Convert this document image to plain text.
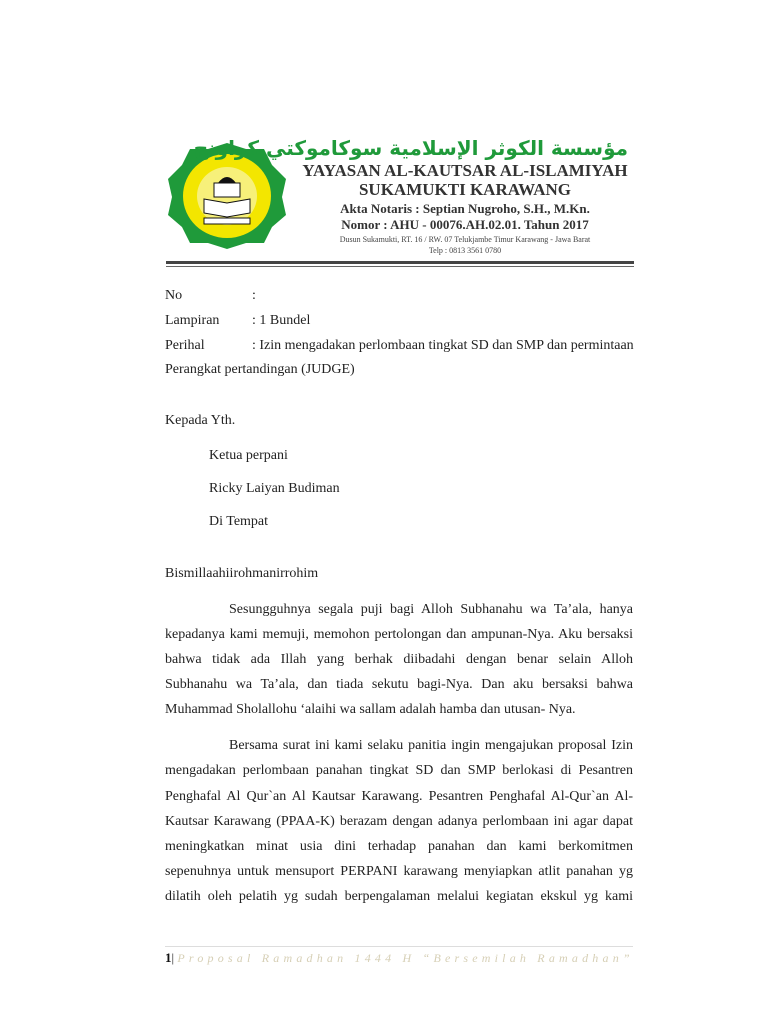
مؤسسة الكوثر الإسلامية سوكاموكتي كراونج
YAYASAN AL-KAUTSAR AL-ISLAMIYAH
SUKAMUKTI KARAWANG
Akta Notaris : Septian Nugroho, S.H., M.Kn.
Nomor : AHU - 00076.AH.02.01. Tahun 2017
Dusun Sukamukti, RT. 16 / RW. 07 Telukjambe Timur Karawang - Jawa Barat
Telp : 0813 3561 0780
No	:
Lampiran : 1 Bundel
Perihal	: Izin mengadakan perlombaan tingkat SD dan SMP dan permintaan
Perangkat pertandingan (JUDGE)
Kepada Yth.
Ketua perpani
Ricky Laiyan Budiman
Di Tempat
Bismillaahiirohmanirrohim
Sesungguhnya segala puji bagi Alloh Subhanahu wa Ta’ala, hanya
kepadanya kami memuji, memohon pertolongan dan ampunan-Nya. Aku bersaksi
bahwa tidak ada Illah yang berhak diibadahi dengan benar selain Alloh
Subhanahu wa Ta’ala, dan tiada sekutu bagi-Nya. Dan aku bersaksi bahwa
Muhammad Sholallohu ‘alaihi wa sallam adalah hamba dan utusan- Nya.
Bersama surat ini kami selaku panitia ingin mengajukan proposal Izin
mengadakan perlombaan panahan tingkat SD dan SMP berlokasi di Pesantren
Penghafal Al Qur`an Al Kautsar Karawang. Pesantren Penghafal Al-Qur`an Al-
Kautsar Karawang (PPAA-K) berazam dengan adanya perlombaan ini agar dapat
meningkatkan minat usia dini terhadap panahan dan kami berkomitmen
sepenuhnya untuk mensuport PERPANI karawang menyiapkan atlit panahan yg
dilatih oleh pelatih yg sudah berpengalaman melalui kegiatan ekskul yg kami
1| Proposal Ramadhan 1444 H “Bersemilah Ramadhan”
